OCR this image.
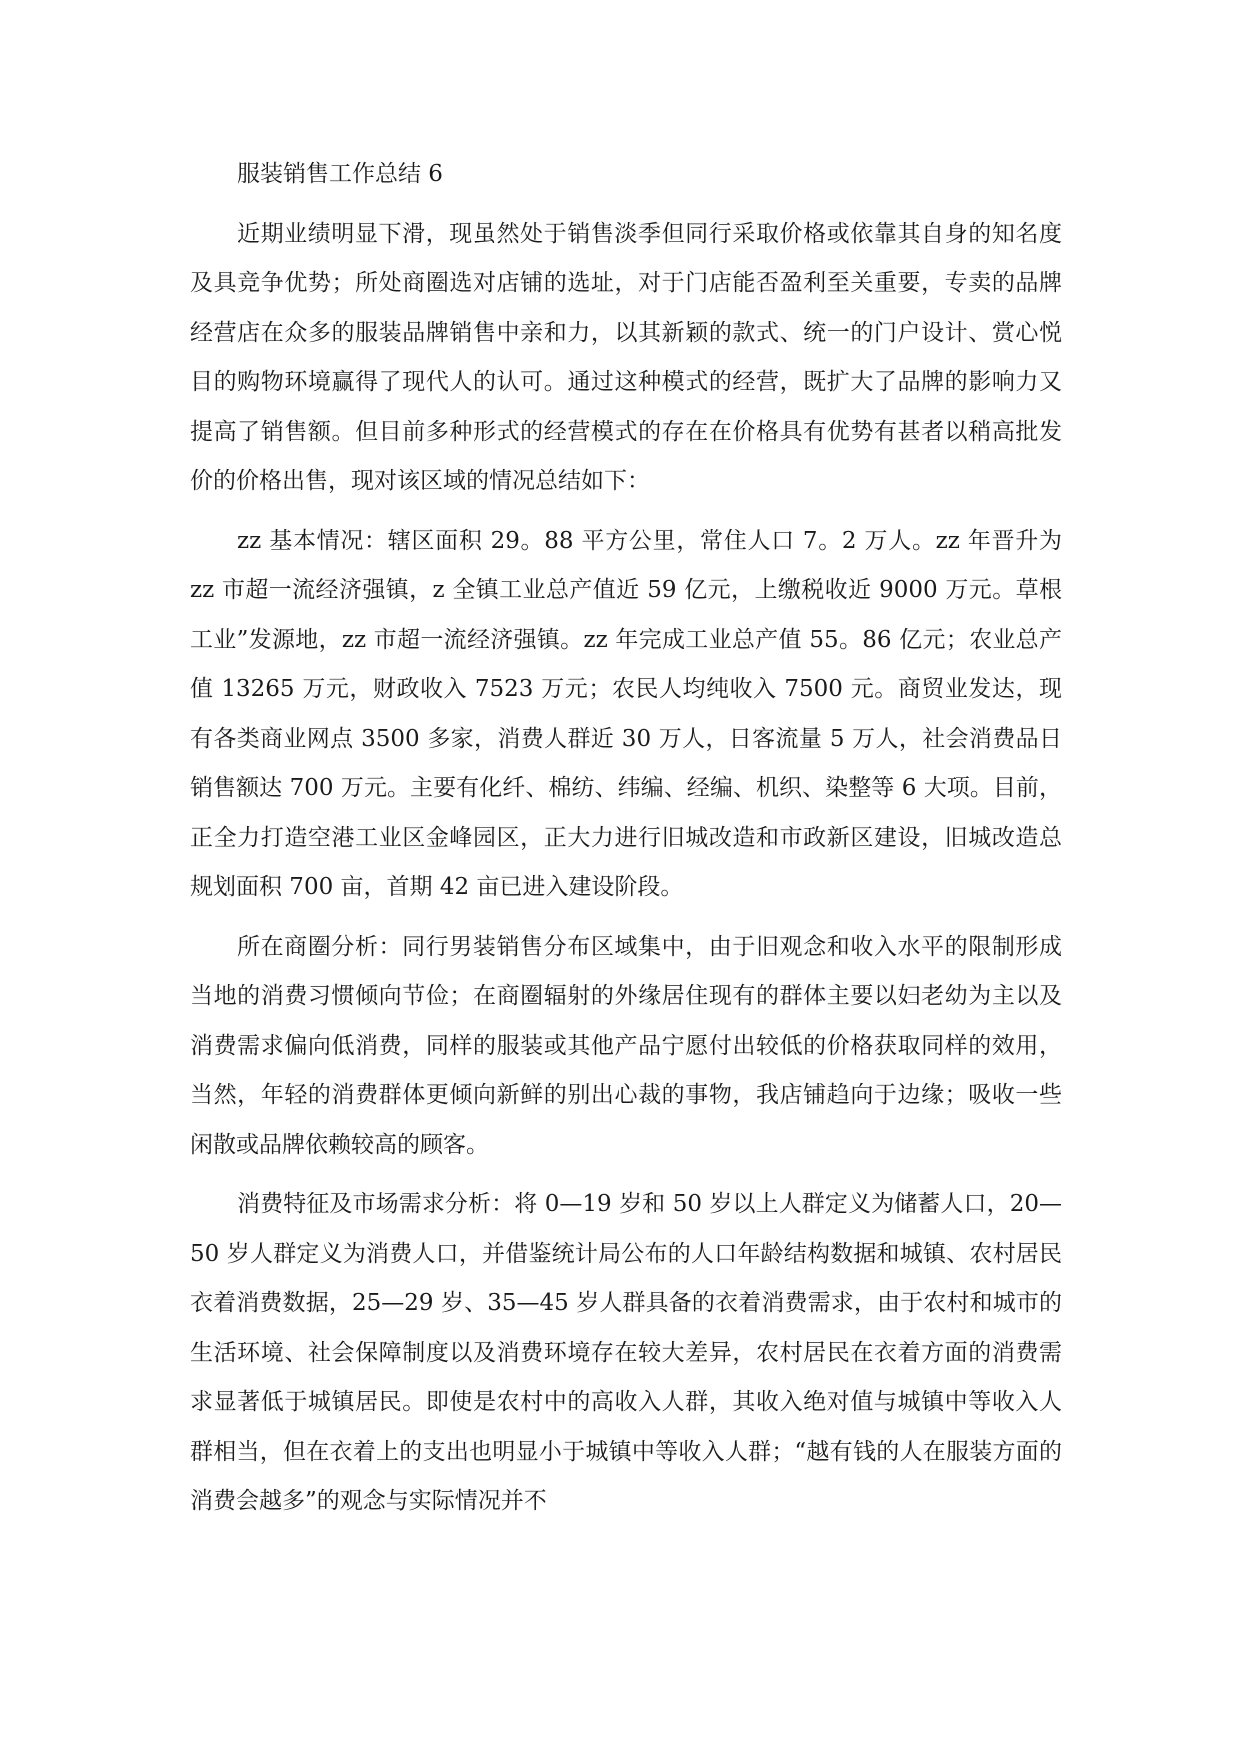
服装销售工作总结 6

近期业绩明显下滑，现虽然处于销售淡季但同行采取价格或依靠其自身的知名度及具竞争优势；所处商圈选对店铺的选址，对于门店能否盈利至关重要，专卖的品牌经营店在众多的服装品牌销售中亲和力，以其新颖的款式、统一的门户设计、赏心悦目的购物环境赢得了现代人的认可。通过这种模式的经营，既扩大了品牌的影响力又提高了销售额。但目前多种形式的经营模式的存在在价格具有优势有甚者以稍高批发价的价格出售，现对该区域的情况总结如下：

zz 基本情况：辖区面积 29。88 平方公里，常住人口 7。2 万人。zz 年晋升为 zz 市超一流经济强镇，z 全镇工业总产值近 59 亿元，上缴税收近 9000 万元。草根工业”发源地，zz 市超一流经济强镇。zz 年完成工业总产值 55。86 亿元；农业总产值 13265 万元，财政收入 7523 万元；农民人均纯收入 7500 元。商贸业发达，现有各类商业网点 3500 多家，消费人群近 30 万人，日客流量 5 万人，社会消费品日销售额达 700 万元。主要有化纤、棉纺、纬编、经编、机织、染整等 6 大项。目前，正全力打造空港工业区金峰园区，正大力进行旧城改造和市政新区建设，旧城改造总规划面积 700 亩，首期 42 亩已进入建设阶段。

所在商圈分析：同行男装销售分布区域集中，由于旧观念和收入水平的限制形成当地的消费习惯倾向节俭；在商圈辐射的外缘居住现有的群体主要以妇老幼为主以及消费需求偏向低消费，同样的服装或其他产品宁愿付出较低的价格获取同样的效用，当然，年轻的消费群体更倾向新鲜的别出心裁的事物，我店铺趋向于边缘；吸收一些闲散或品牌依赖较高的顾客。

消费特征及市场需求分析：将 0—19 岁和 50 岁以上人群定义为储蓄人口，20—50 岁人群定义为消费人口，并借鉴统计局公布的人口年龄结构数据和城镇、农村居民衣着消费数据，25—29 岁、35—45 岁人群具备的衣着消费需求，由于农村和城市的生活环境、社会保障制度以及消费环境存在较大差异，农村居民在衣着方面的消费需求显著低于城镇居民。即使是农村中的高收入人群，其收入绝对值与城镇中等收入人群相当，但在衣着上的支出也明显小于城镇中等收入人群；“越有钱的人在服装方面的消费会越多”的观念与实际情况并不
